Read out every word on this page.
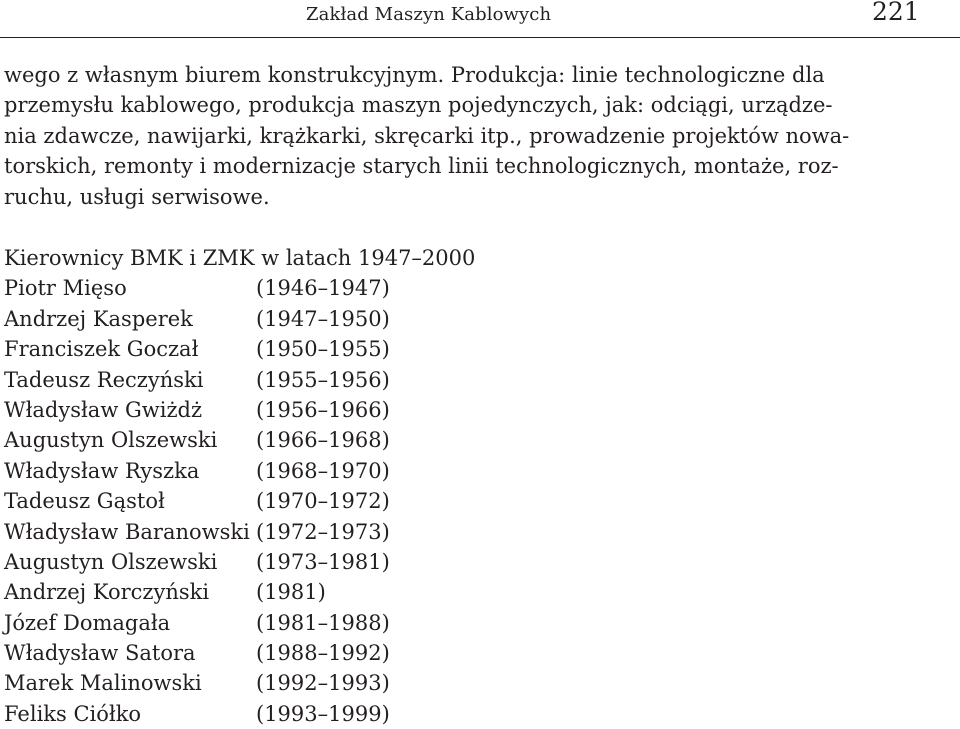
Zakład Maszyn Kablowych	221

wego z własnym biurem konstrukcyjnym. Produkcja: linie technologiczne dla
przemysłu kablowego, produkcja maszyn pojedynczych, jak: odciągi, urządze-
nia zdawcze, nawijarki, krążkarki, skręcarki itp., prowadzenie projektów nowa-
torskich, remonty i modernizacje starych linii technologicznych, montaże, roz-
ruchu, usługi serwisowe.

Kierownicy BMK i ZMK w latach 1947–2000

Piotr Mięso	(1946–1947)
Andrzej Kasperek	(1947–1950)
Franciszek Goczał	(1950–1955)
Tadeusz Reczyński	(1955–1956)
Władysław Gwiżdż	(1956–1966)
Augustyn Olszewski (1966–1968)
Władysław Ryszka	(1968–1970)
Tadeusz Gąstoł	(1970–1972)
Władysław Baranowski (1972–1973)
Augustyn Olszewski (1973–1981)
Andrzej Korczyński (1981)
Józef Domagała	(1981–1988)
Władysław Satora	(1988–1992)
Marek Malinowski	(1992–1993)
Feliks Ciółko	(1993–1999)
